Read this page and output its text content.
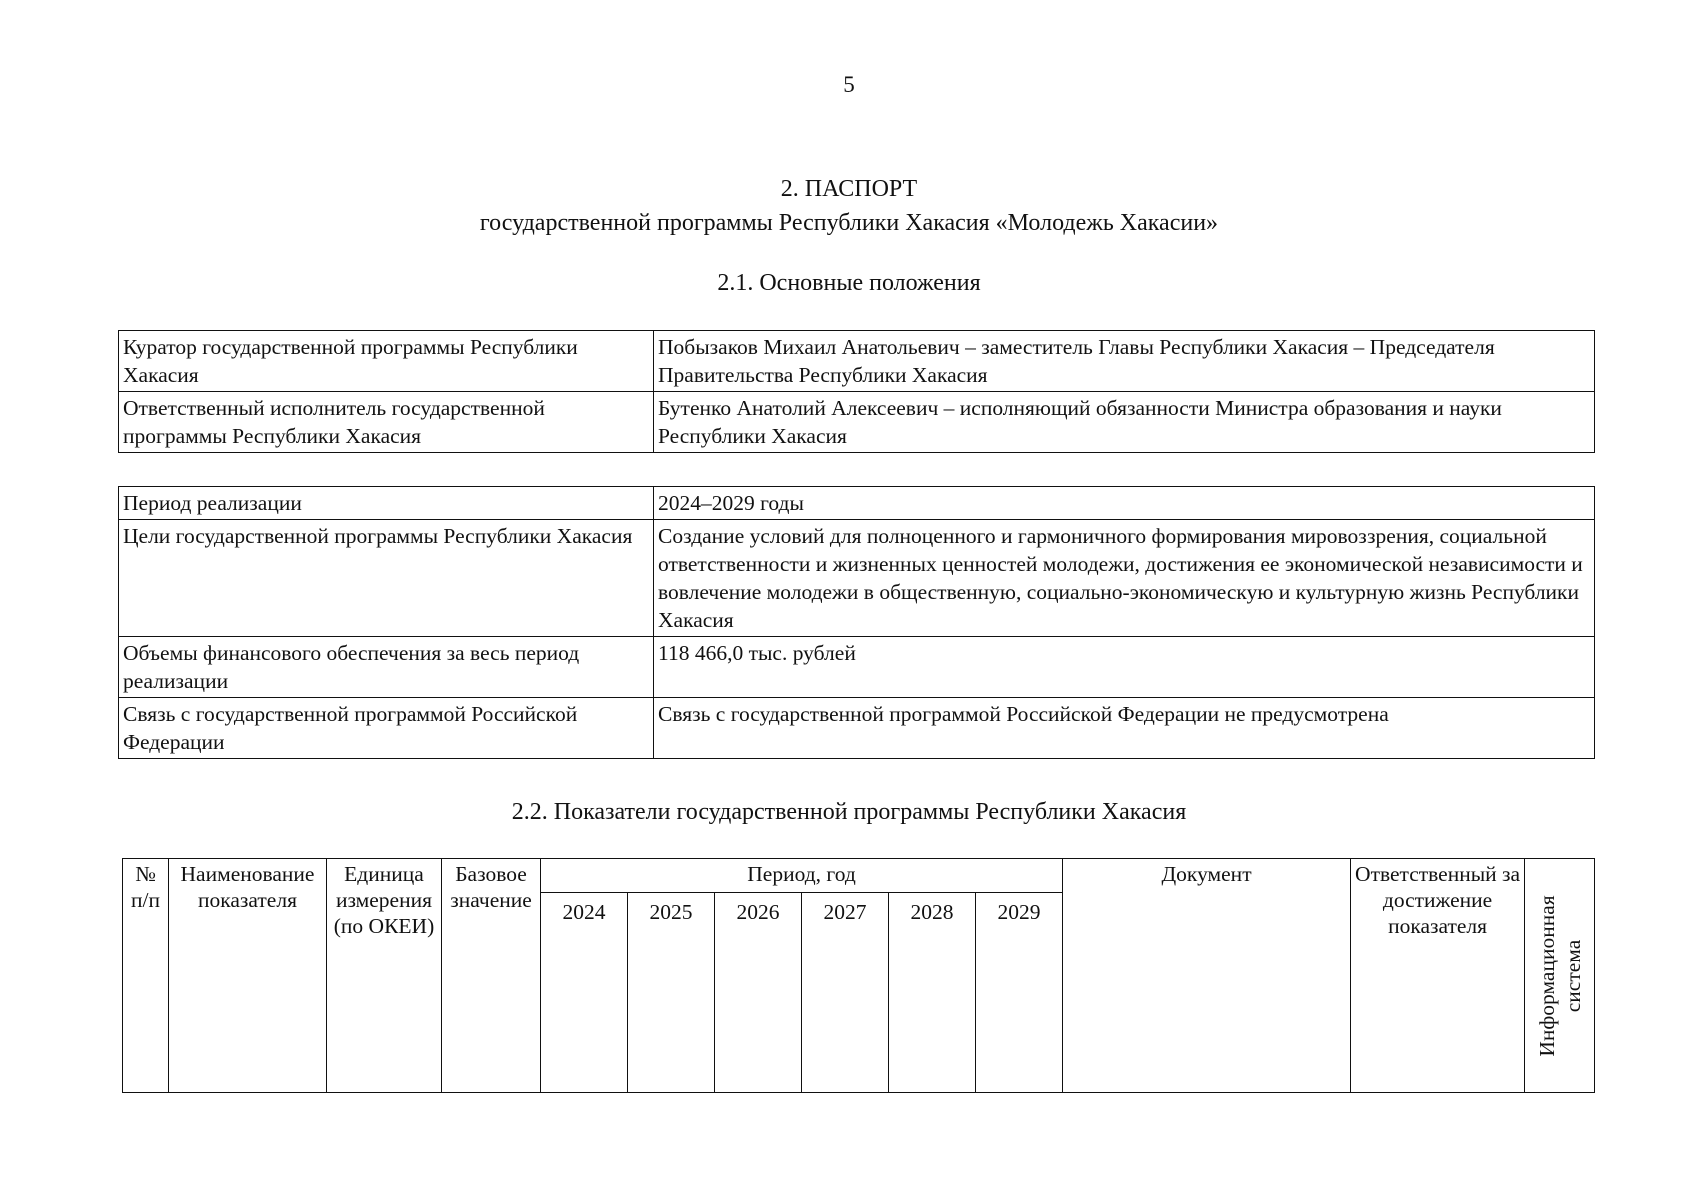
5
2. ПАСПОРТ
государственной программы Республики Хакасия «Молодежь Хакасии»
2.1. Основные положения
Куратор государственной программы Республики Хакасия	Побызаков Михаил Анатольевич – заместитель Главы Республики Хакасия – Председателя Правительства Республики Хакасия
Ответственный исполнитель государственной программы Республики Хакасия	Бутенко Анатолий Алексеевич – исполняющий обязанности Министра образования и науки Республики Хакасия
Период реализации	2024–2029 годы
Цели государственной программы Республики Хакасия	Создание условий для полноценного и гармоничного формирования мировоззрения, социальной ответственности и жизненных ценностей молодежи, достижения ее экономической независимости и вовлечение молодежи в общественную, социально-экономическую и культурную жизнь Республики Хакасия
Объемы финансового обеспечения за весь период реализации	118 466,0 тыс. рублей
Связь с государственной программой Российской Федерации	Связь с государственной программой Российской Федерации не предусмотрена
2.2. Показатели государственной программы Республики Хакасия
№ п/п	Наименование показателя	Единица измерения (по ОКЕИ)	Базовое значение	Период, год						Документ	Ответственный за достижение показателя	Информационная система

				2024	2025	2026	2027	2028	2029			
